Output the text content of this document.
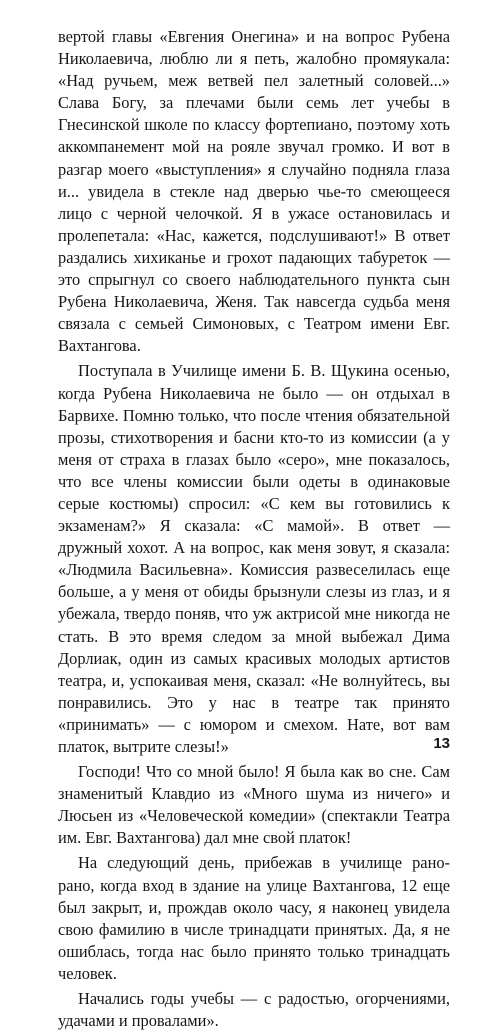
вертой главы «Евгения Онегина» и на вопрос Рубена Николаевича, люблю ли я петь, жалобно промяукала: «Над ручьем, меж ветвей пел залетный соловей...» Слава Богу, за плечами были семь лет учебы в Гнесинской школе по классу фортепиано, поэтому хоть аккомпанемент мой на рояле звучал громко. И вот в разгар моего «выступления» я случайно подняла глаза и... увидела в стекле над дверью чье-то смеющееся лицо с черной челочкой. Я в ужасе остановилась и пролепетала: «Нас, кажется, подслушивают!» В ответ раздались хихиканье и грохот падающих табуреток — это спрыгнул со своего наблюдательного пункта сын Рубена Николаевича, Женя. Так навсегда судьба меня связала с семьей Симоновых, с Театром имени Евг. Вахтангова.

Поступала в Училище имени Б. В. Щукина осенью, когда Рубена Николаевича не было — он отдыхал в Барвихе. Помню только, что после чтения обязательной прозы, стихотворения и басни кто-то из комиссии (а у меня от страха в глазах было «серо», мне показалось, что все члены комиссии были одеты в одинаковые серые костюмы) спросил: «С кем вы готовились к экзаменам?» Я сказала: «С мамой». В ответ — дружный хохот. А на вопрос, как меня зовут, я сказала: «Людмила Васильевна». Комиссия развеселилась еще больше, а у меня от обиды брызнули слезы из глаз, и я убежала, твердо поняв, что уж актрисой мне никогда не стать. В это время следом за мной выбежал Дима Дорлиак, один из самых красивых молодых артистов театра, и, успокаивая меня, сказал: «Не волнуйтесь, вы понравились. Это у нас в театре так принято «принимать» — с юмором и смехом. Нате, вот вам платок, вытрите слезы!»

Господи! Что со мной было! Я была как во сне. Сам знаменитый Клавдио из «Много шума из ничего» и Люсьен из «Человеческой комедии» (спектакли Театра им. Евг. Вахтангова) дал мне свой платок!

На следующий день, прибежав в училище рано-рано, когда вход в здание на улице Вахтангова, 12 еще был закрыт, и, прождав около часу, я наконец увидела свою фамилию в числе тринадцати принятых. Да, я не ошиблась, тогда нас было принято только тринадцать человек.

Начались годы учебы — с радостью, огорчениями, удачами и провалами».

13
